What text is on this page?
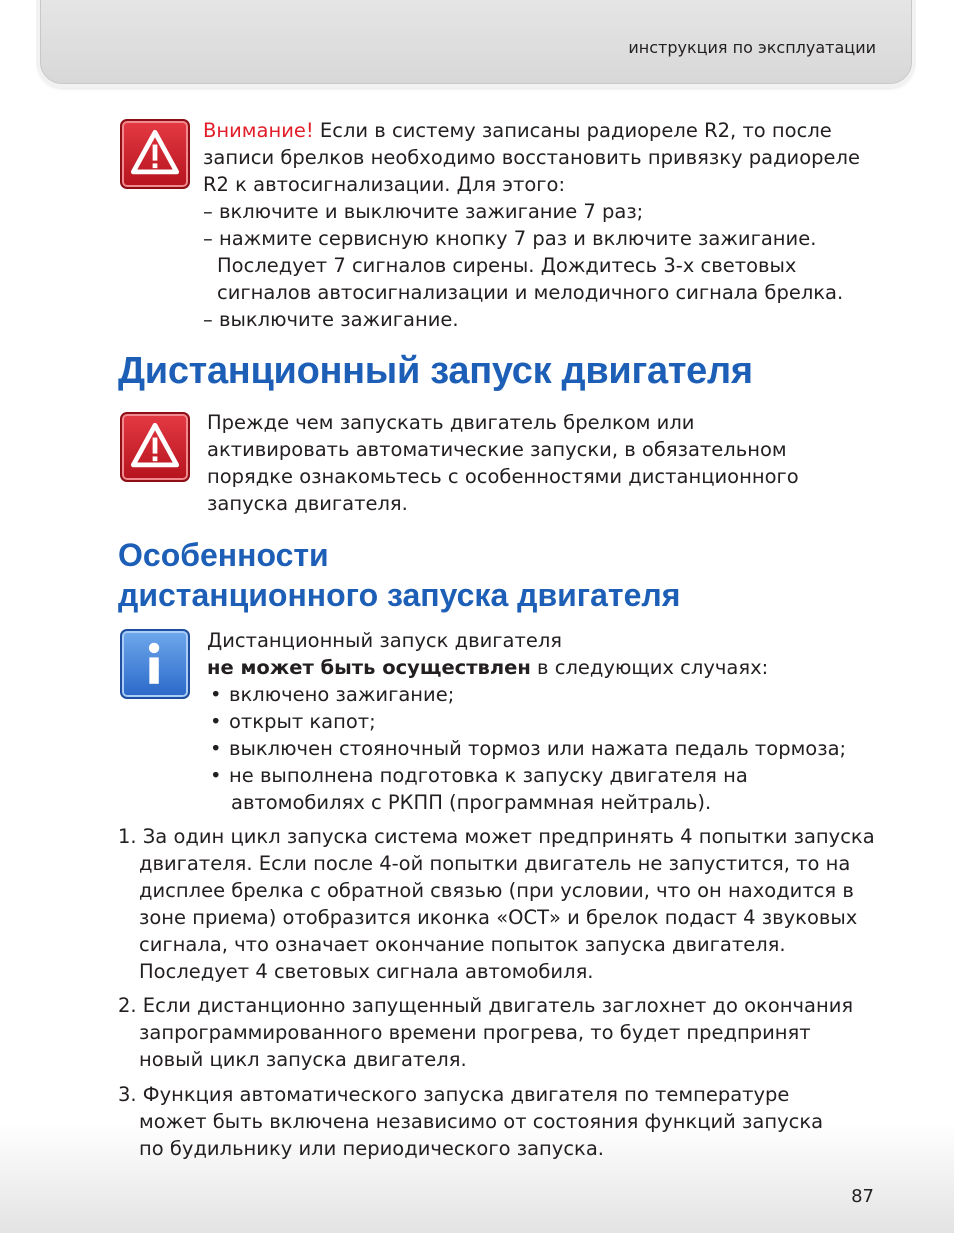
инструкция по эксплуатации
Внимание! Если в систему записаны радиореле R2, то после
записи брелков необходимо восстановить привязку радиореле
R2 к автосигнализации. Для этого:
– включите и выключите зажигание 7 раз;
– нажмите сервисную кнопку 7 раз и включите зажигание.
Последует 7 сигналов сирены. Дождитесь 3-х световых
сигналов автосигнализации и мелодичного сигнала брелка.
– выключите зажигание.
Дистанционный запуск двигателя
Прежде чем запускать двигатель брелком или
активировать автоматические запуски, в обязательном
порядке ознакомьтесь с особенностями дистанционного
запуска двигателя.
Особенности
дистанционного запуска двигателя
Дистанционный запуск двигателя
не может быть осуществлен в следующих случаях:
• включено зажигание;
• открыт капот;
• выключен стояночный тормоз или нажата педаль тормоза;
• не выполнена подготовка к запуску двигателя на
автомобилях с РКПП (программная нейтраль).
1. За один цикл запуска система может предпринять 4 попытки запуска
двигателя. Если после 4-ой попытки двигатель не запустится, то на
дисплее брелка с обратной связью (при условии, что он находится в
зоне приема) отобразится иконка «ОСТ» и брелок подаст 4 звуковых
сигнала, что означает окончание попыток запуска двигателя.
Последует 4 световых сигнала автомобиля.
2. Если дистанционно запущенный двигатель заглохнет до окончания
запрограммированного времени прогрева, то будет предпринят
новый цикл запуска двигателя.
3. Функция автоматического запуска двигателя по температуре
может быть включена независимо от состояния функций запуска
по будильнику или периодического запуска.
87
